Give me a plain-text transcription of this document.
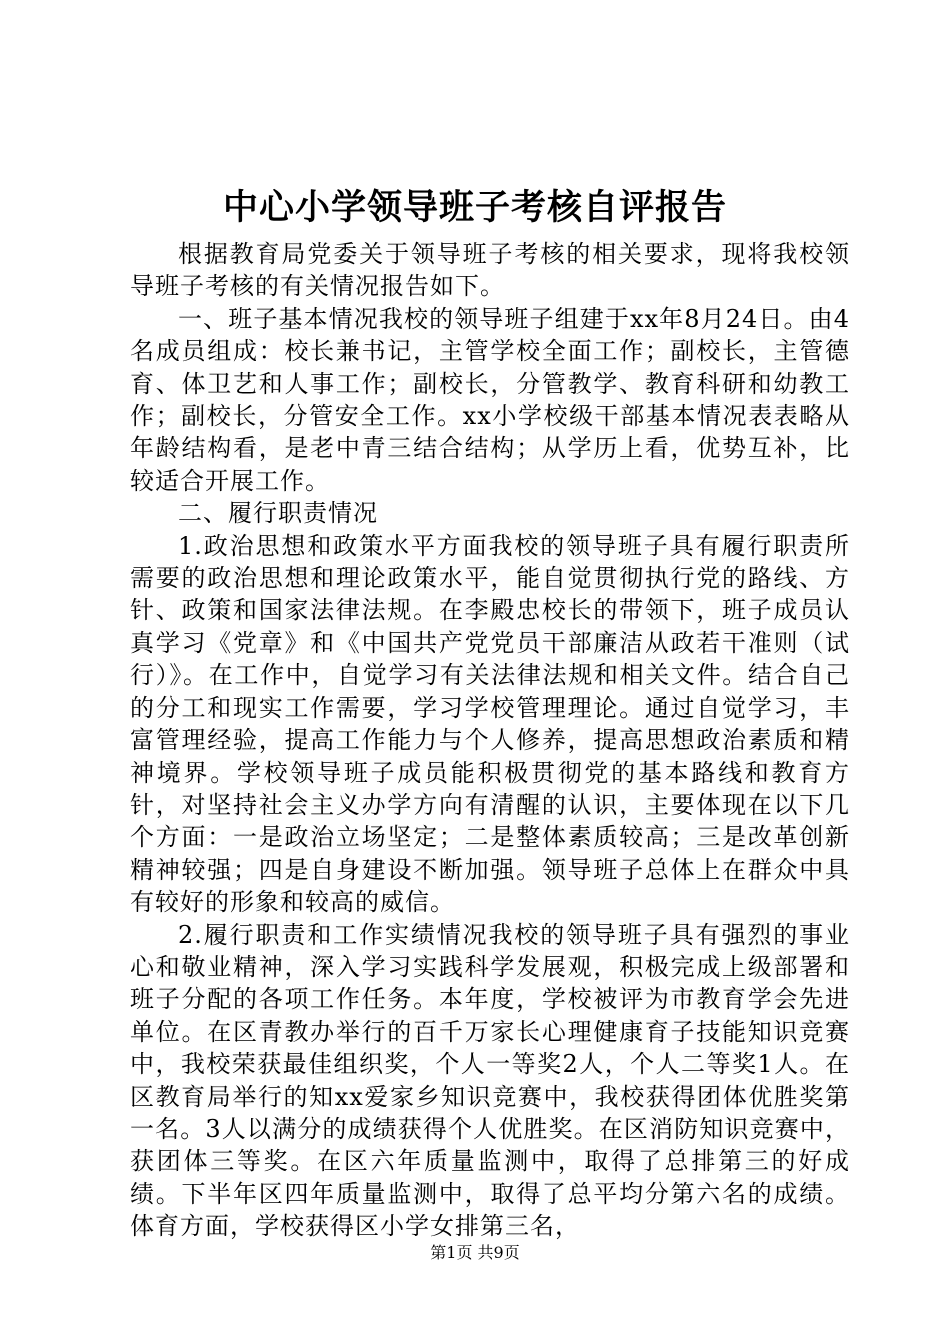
中心小学领导班子考核自评报告

根据教育局党委关于领导班子考核的相关要求，现将我校领导班子考核的有关情况报告如下。

一、班子基本情况我校的领导班子组建于xx年8月24日。由4名成员组成：校长兼书记，主管学校全面工作；副校长，主管德育、体卫艺和人事工作；副校长，分管教学、教育科研和幼教工作；副校长，分管安全工作。xx小学校级干部基本情况表表略从年龄结构看，是老中青三结合结构；从学历上看，优势互补，比较适合开展工作。

二、履行职责情况

1.政治思想和政策水平方面我校的领导班子具有履行职责所需要的政治思想和理论政策水平，能自觉贯彻执行党的路线、方针、政策和国家法律法规。在李殿忠校长的带领下，班子成员认真学习《党章》和《中国共产党党员干部廉洁从政若干准则（试行）》。在工作中，自觉学习有关法律法规和相关文件。结合自己的分工和现实工作需要，学习学校管理理论。通过自觉学习，丰富管理经验，提高工作能力与个人修养，提高思想政治素质和精神境界。学校领导班子成员能积极贯彻党的基本路线和教育方针，对坚持社会主义办学方向有清醒的认识，主要体现在以下几个方面：一是政治立场坚定；二是整体素质较高；三是改革创新精神较强；四是自身建设不断加强。领导班子总体上在群众中具有较好的形象和较高的威信。

2.履行职责和工作实绩情况我校的领导班子具有强烈的事业心和敬业精神，深入学习实践科学发展观，积极完成上级部署和班子分配的各项工作任务。本年度，学校被评为市教育学会先进单位。在区青教办举行的百千万家长心理健康育子技能知识竞赛中，我校荣获最佳组织奖，个人一等奖2人，个人二等奖1人。在区教育局举行的知xx爱家乡知识竞赛中，我校获得团体优胜奖第一名。3人以满分的成绩获得个人优胜奖。在区消防知识竞赛中，获团体三等奖。在区六年质量监测中，取得了总排第三的好成绩。下半年区四年质量监测中，取得了总平均分第六名的成绩。体育方面，学校获得区小学女排第三名，

第1页 共9页
